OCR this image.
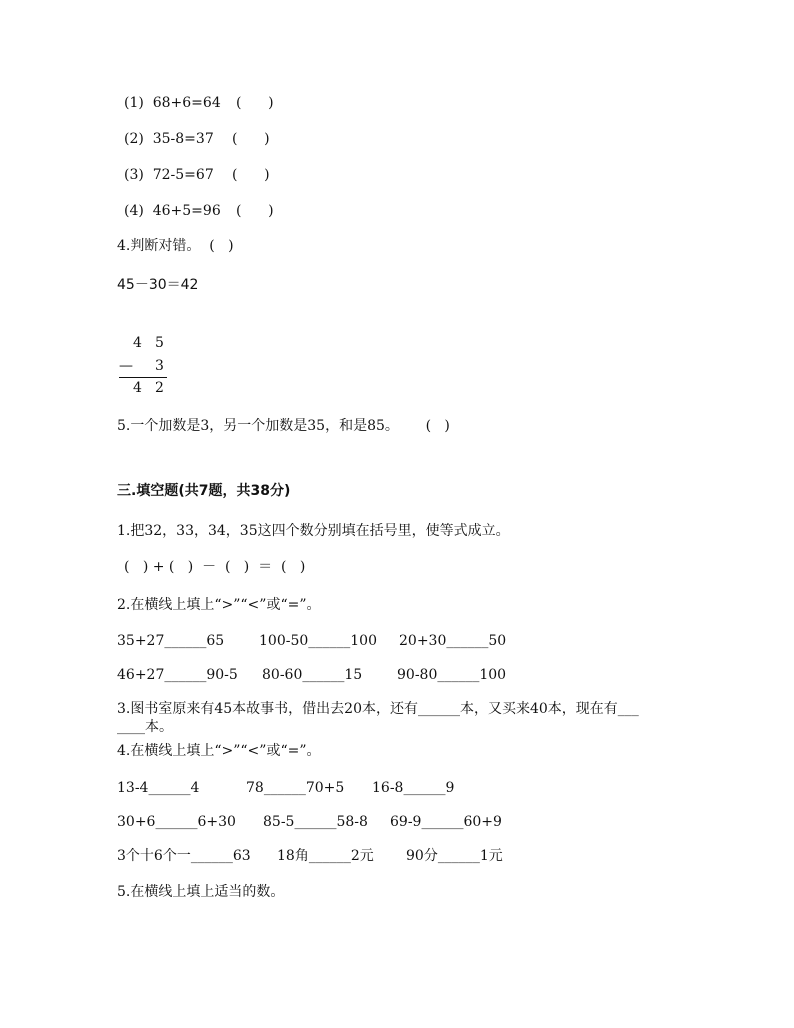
(1)  68+6=64 (      )
(2)  35-8=37 (      )
(3)  72-5=67 (      )
(4)  46+5=96 (      )
4.判断对错。  (   )
45－30＝42
4 5
— 3
4 2
5.一个加数是3，另一个加数是35，和是85。      (   )
三.填空题(共7题，共38分)
1.把32，33，34，35这四个数分别填在括号里，使等式成立。
(   ) + (   )  －  (   )  ＝  (   )
2.在横线上填上“>”“<”或“=”。
35+27______65 100-50______100 20+30______50
46+27______90-5 80-60______15 90-80______100
3.图书室原来有45本故事书，借出去20本，还有______本，又买来40本，现在有___
____本。
4.在横线上填上“>”“<”或“=”。
13-4______4	78______70+5 16-8______9
30+6______6+30 85-5______58-8 69-9______60+9
3个十6个一______63 18角______2元 90分______1元
5.在横线上填上适当的数。
